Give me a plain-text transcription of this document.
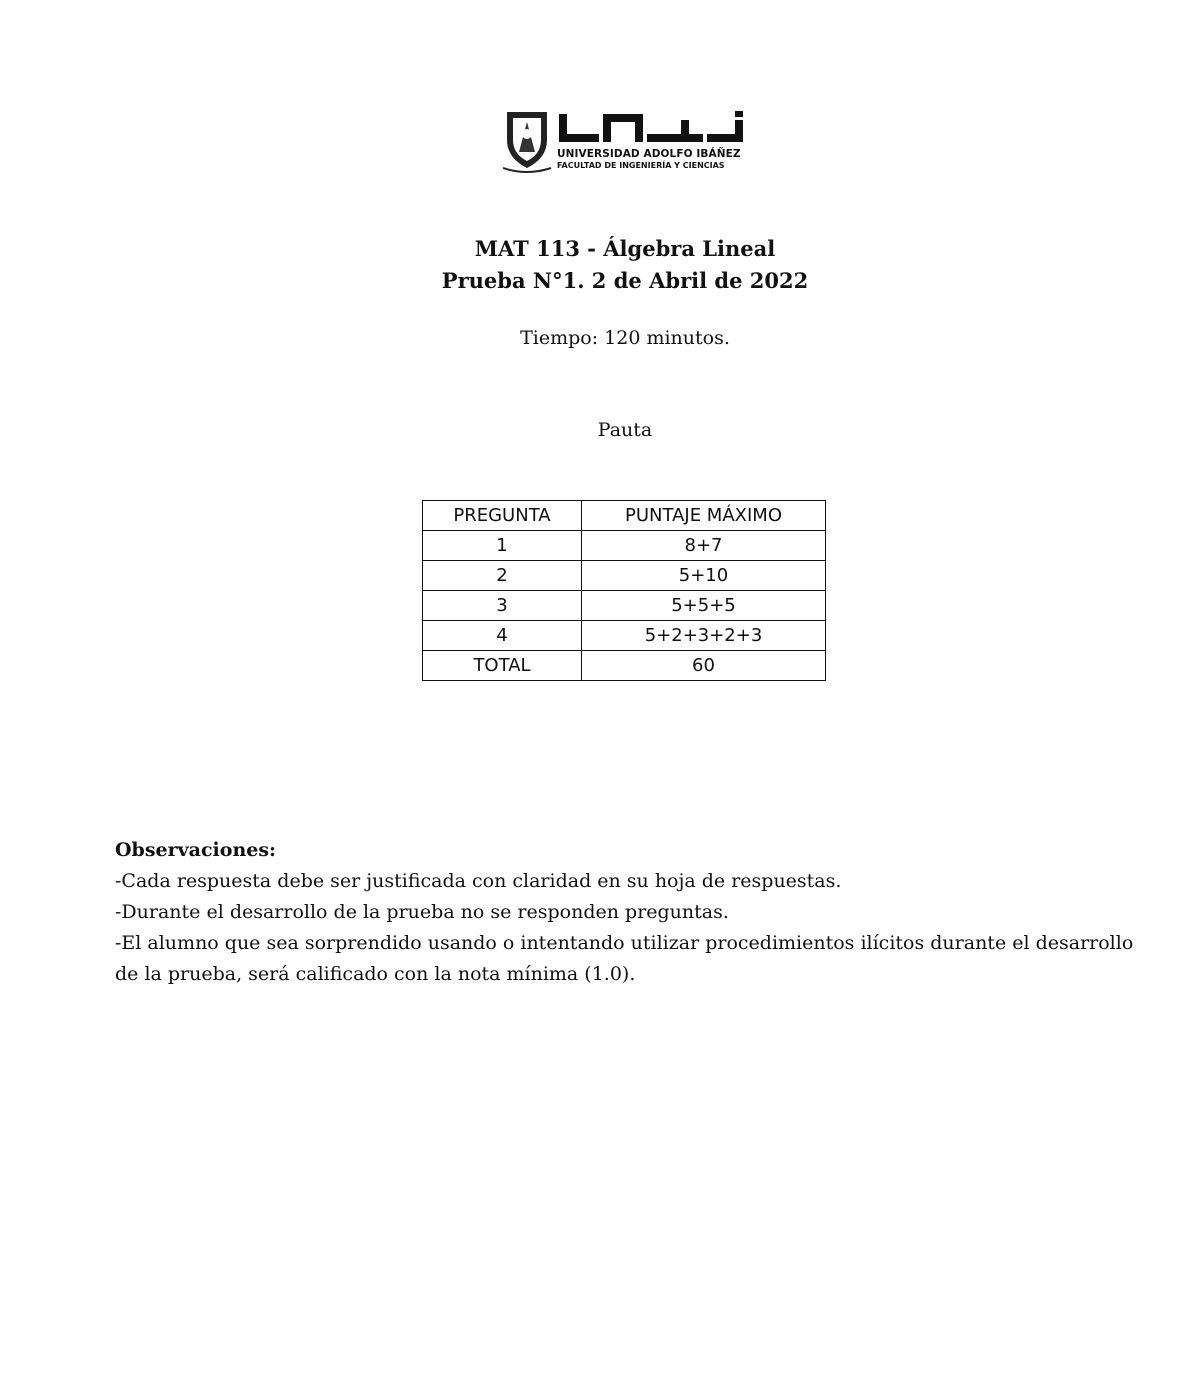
UNIVERSIDAD ADOLFO IBÁÑEZ
FACULTAD DE INGENIERÍA Y CIENCIAS
MAT 113 - Álgebra Lineal
Prueba N°1. 2 de Abril de 2022
Tiempo: 120 minutos.
Pauta
PREGUNTA	PUNTAJE MÁXIMO
1	8+7
2	5+10
3	5+5+5
4	5+2+3+2+3
TOTAL	60
Observaciones:
-Cada respuesta debe ser justificada con claridad en su hoja de respuestas.
-Durante el desarrollo de la prueba no se responden preguntas.
-El alumno que sea sorprendido usando o intentando utilizar procedimientos ilícitos durante el desarrollo de la prueba, será calificado con la nota mínima (1.0).
